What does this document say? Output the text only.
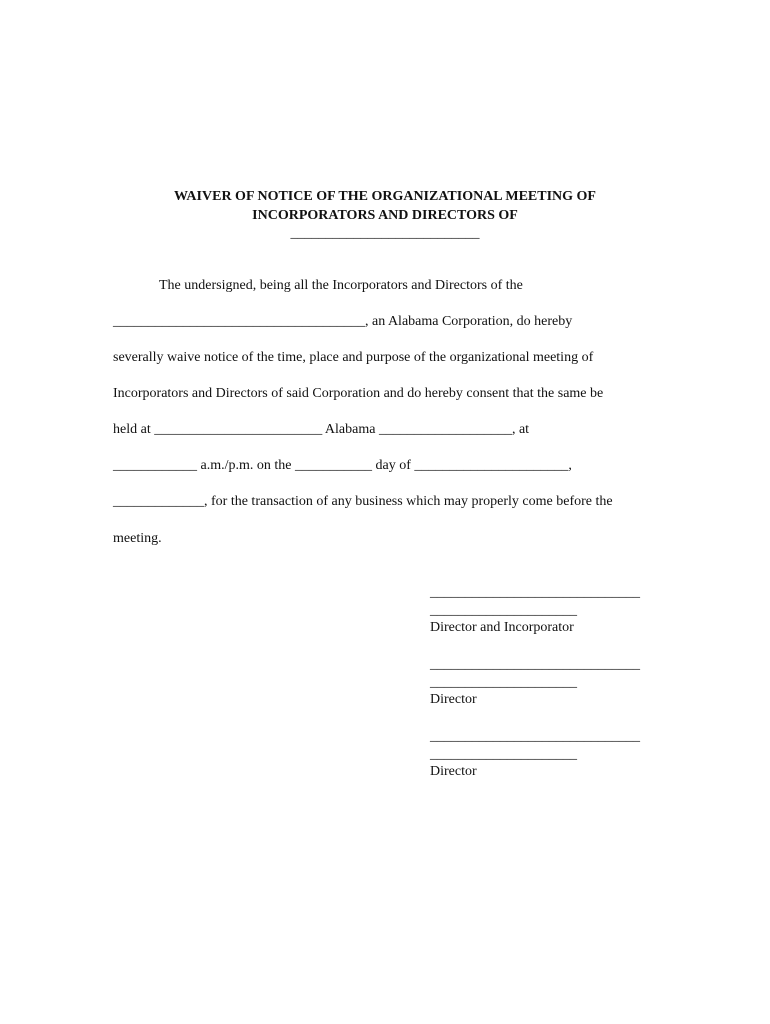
WAIVER OF NOTICE OF THE ORGANIZATIONAL MEETING OF

INCORPORATORS AND DIRECTORS OF

___________________________

The undersigned, being all the Incorporators and Directors of the

____________________________________, an Alabama Corporation, do hereby

severally waive notice of the time, place and purpose of the organizational meeting of

Incorporators and Directors of said Corporation and do hereby consent that the same be

held at ________________________ Alabama ___________________, at

____________ a.m./p.m. on the ___________ day of ______________________,

_____________, for the transaction of any business which may properly come before the

meeting.

______________________________

_____________________

Director and Incorporator

______________________________

_____________________

Director

______________________________

_____________________

Director
